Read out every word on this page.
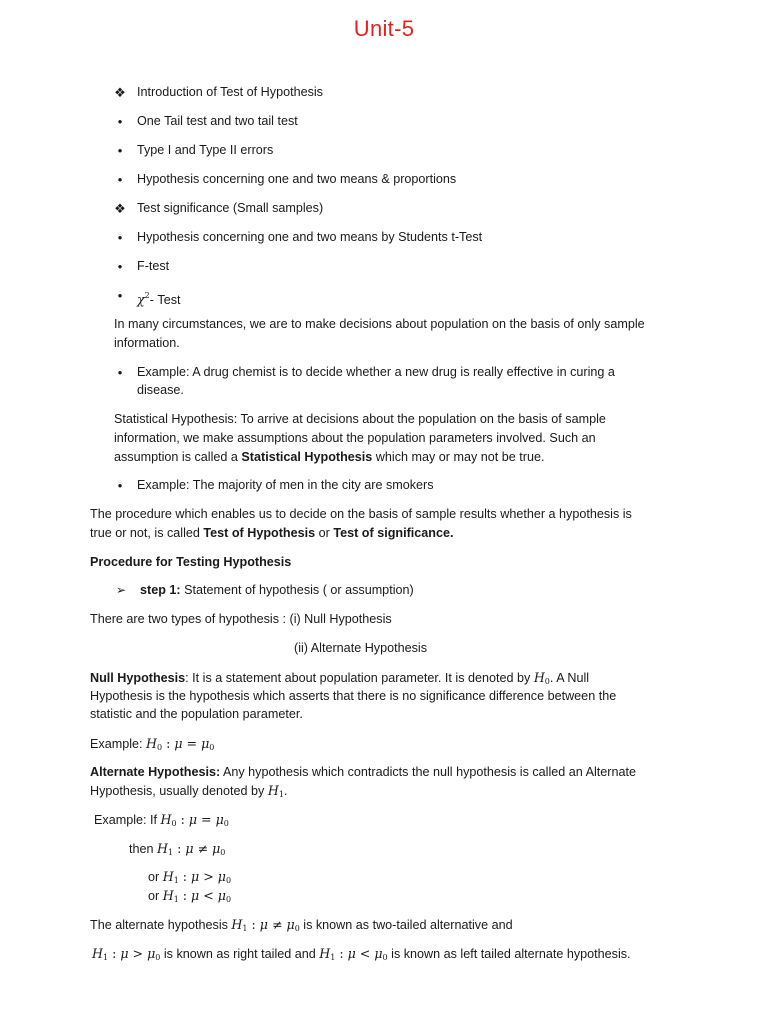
Unit-5
❖ Introduction of Test of Hypothesis
•	One Tail test and two tail test
•	Type I and Type II errors
•	Hypothesis concerning one and two means & proportions
❖ Test significance (Small samples)
•	Hypothesis concerning one and two means by Students t-Test
•	F-test
•	$\chi^2-$ Test
In many circumstances, we are to make decisions about population on the basis of only sample
information.
•	Example: A drug chemist is to decide whether a new drug is really effective in curing a
disease.
Statistical Hypothesis: To arrive at decisions about the population on the basis of sample
information, we make assumptions about the population parameters involved. Such an
assumption is called a Statistical Hypothesis which may or may not be true.
•	Example: The majority of men in the city are smokers
The procedure which enables us to decide on the basis of sample results whether a hypothesis is
true or not, is called Test of Hypothesis or Test of significance.
Procedure for Testing Hypothesis
➢ step 1: Statement of hypothesis ( or assumption)
There are two types of hypothesis : (i) Null Hypothesis
(ii) Alternate Hypothesis
Null Hypothesis: It is a statement about population parameter. It is denoted by $H_0$. A Null
Hypothesis is the hypothesis which asserts that there is no significance difference between the
statistic and the population parameter.
Example: $H_0$ : $\mu = \mu_0$
Alternate Hypothesis: Any hypothesis which contradicts the null hypothesis is called an Alternate
Hypothesis, usually denoted by $H_1$.
Example: If $H_0$ : $\mu = \mu_0$
then $H_1$ : $\mu \ne \mu_0$
or $H_1$ : $\mu > \mu_0$
or $H_1$ : $\mu < \mu_0$
The alternate hypothesis $H_1$ : $\mu \ne \mu_0$ is known as two-tailed alternative and
$H_1$ : $\mu > \mu_0$ is known as right tailed and $H_1$ : $\mu < \mu_0$ is known as left tailed alternate hypothesis.
